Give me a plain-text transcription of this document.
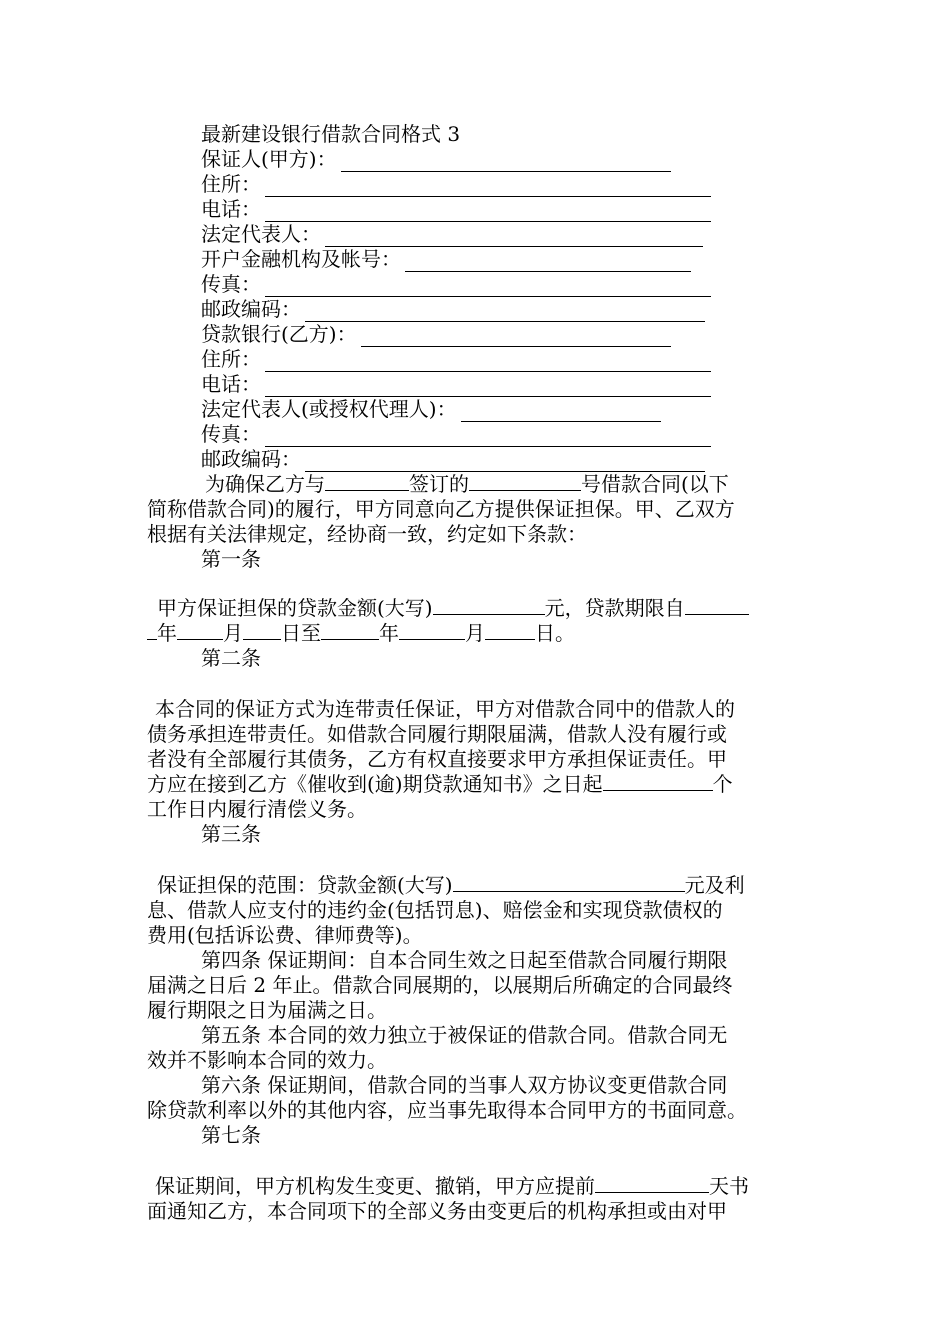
最新建设银行借款合同格式 3
保证人(甲方)：
住所：
电话：
法定代表人：
开户金融机构及帐号：
传真：
邮政编码：
贷款银行(乙方)：
住所：
电话：
法定代表人(或授权代理人)：
传真：
邮政编码：
为确保乙方与	签订的	号借款合同(以下
简称借款合同)的履行，甲方同意向乙方提供保证担保。甲、乙双方
根据有关法律规定，经协商一致，约定如下条款：
第一条
甲方保证担保的贷款金额(大写)	元，贷款期限自
年 月 日至	年	月	日。
第二条
本合同的保证方式为连带责任保证，甲方对借款合同中的借款人的
债务承担连带责任。如借款合同履行期限届满，借款人没有履行或
者没有全部履行其债务，乙方有权直接要求甲方承担保证责任。甲
方应在接到乙方《催收到(逾)期贷款通知书》之日起	个
工作日内履行清偿义务。
第三条
保证担保的范围：贷款金额(大写)	元及利
息、借款人应支付的违约金(包括罚息)、赔偿金和实现贷款债权的
费用(包括诉讼费、律师费等)。
第四条 保证期间：自本合同生效之日起至借款合同履行期限
届满之日后 2 年止。借款合同展期的，以展期后所确定的合同最终
履行期限之日为届满之日。
第五条 本合同的效力独立于被保证的借款合同。借款合同无
效并不影响本合同的效力。
第六条 保证期间，借款合同的当事人双方协议变更借款合同
除贷款利率以外的其他内容，应当事先取得本合同甲方的书面同意。
第七条
保证期间，甲方机构发生变更、撤销，甲方应提前	天书
面通知乙方，本合同项下的全部义务由变更后的机构承担或由对甲
